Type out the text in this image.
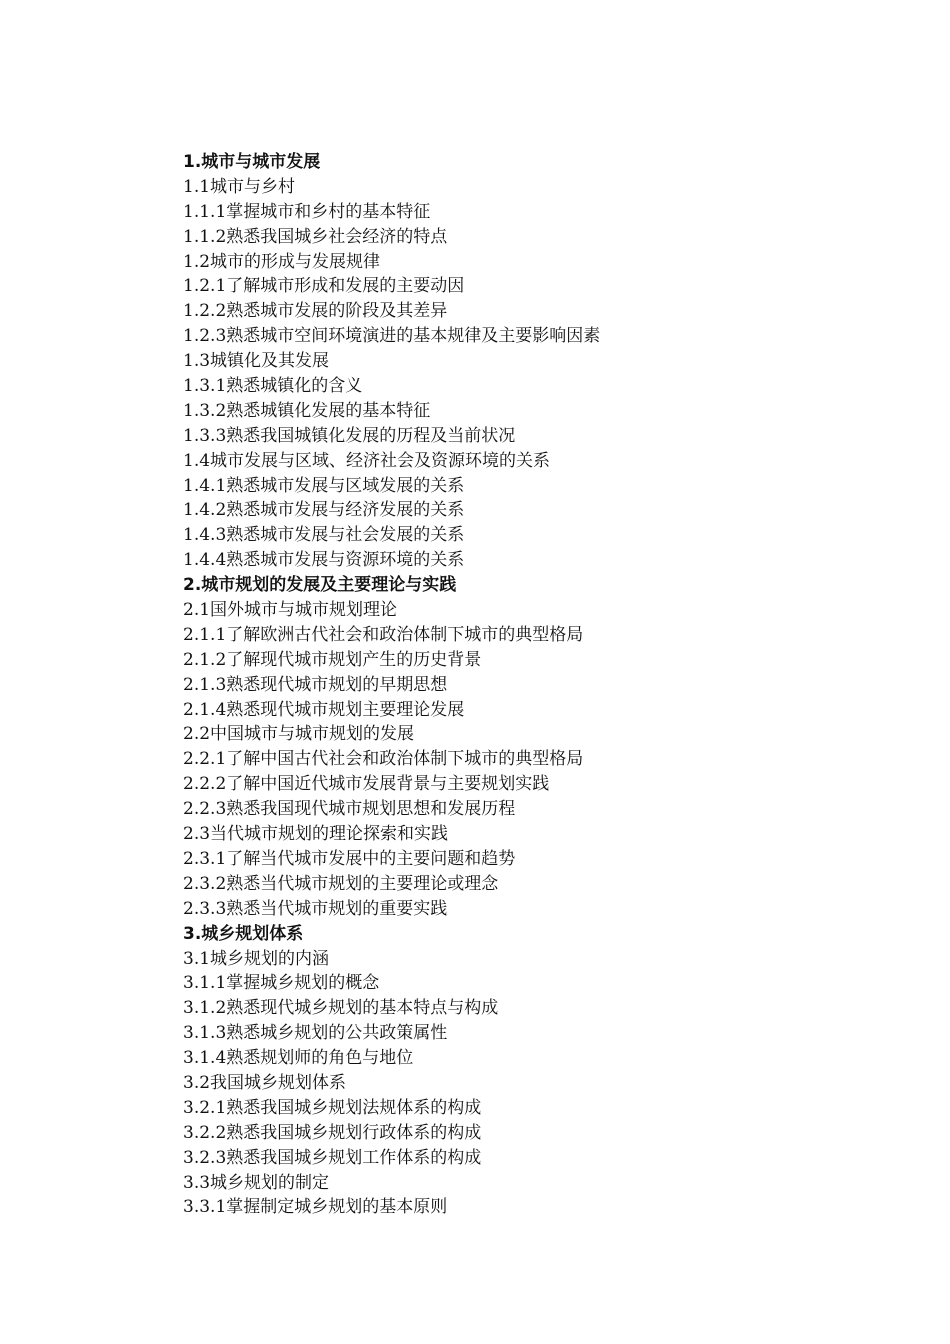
1.城市与城市发展
1.1城市与乡村
1.1.1掌握城市和乡村的基本特征
1.1.2熟悉我国城乡社会经济的特点
1.2城市的形成与发展规律
1.2.1了解城市形成和发展的主要动因
1.2.2熟悉城市发展的阶段及其差异
1.2.3熟悉城市空间环境演进的基本规律及主要影响因素
1.3城镇化及其发展
1.3.1熟悉城镇化的含义
1.3.2熟悉城镇化发展的基本特征
1.3.3熟悉我国城镇化发展的历程及当前状况
1.4城市发展与区域、经济社会及资源环境的关系
1.4.1熟悉城市发展与区域发展的关系
1.4.2熟悉城市发展与经济发展的关系
1.4.3熟悉城市发展与社会发展的关系
1.4.4熟悉城市发展与资源环境的关系
2.城市规划的发展及主要理论与实践
2.1国外城市与城市规划理论
2.1.1了解欧洲古代社会和政治体制下城市的典型格局
2.1.2了解现代城市规划产生的历史背景
2.1.3熟悉现代城市规划的早期思想
2.1.4熟悉现代城市规划主要理论发展
2.2中国城市与城市规划的发展
2.2.1了解中国古代社会和政治体制下城市的典型格局
2.2.2了解中国近代城市发展背景与主要规划实践
2.2.3熟悉我国现代城市规划思想和发展历程
2.3当代城市规划的理论探索和实践
2.3.1了解当代城市发展中的主要问题和趋势
2.3.2熟悉当代城市规划的主要理论或理念
2.3.3熟悉当代城市规划的重要实践
3.城乡规划体系
3.1城乡规划的内涵
3.1.1掌握城乡规划的概念
3.1.2熟悉现代城乡规划的基本特点与构成
3.1.3熟悉城乡规划的公共政策属性
3.1.4熟悉规划师的角色与地位
3.2我国城乡规划体系
3.2.1熟悉我国城乡规划法规体系的构成
3.2.2熟悉我国城乡规划行政体系的构成
3.2.3熟悉我国城乡规划工作体系的构成
3.3城乡规划的制定
3.3.1掌握制定城乡规划的基本原则
